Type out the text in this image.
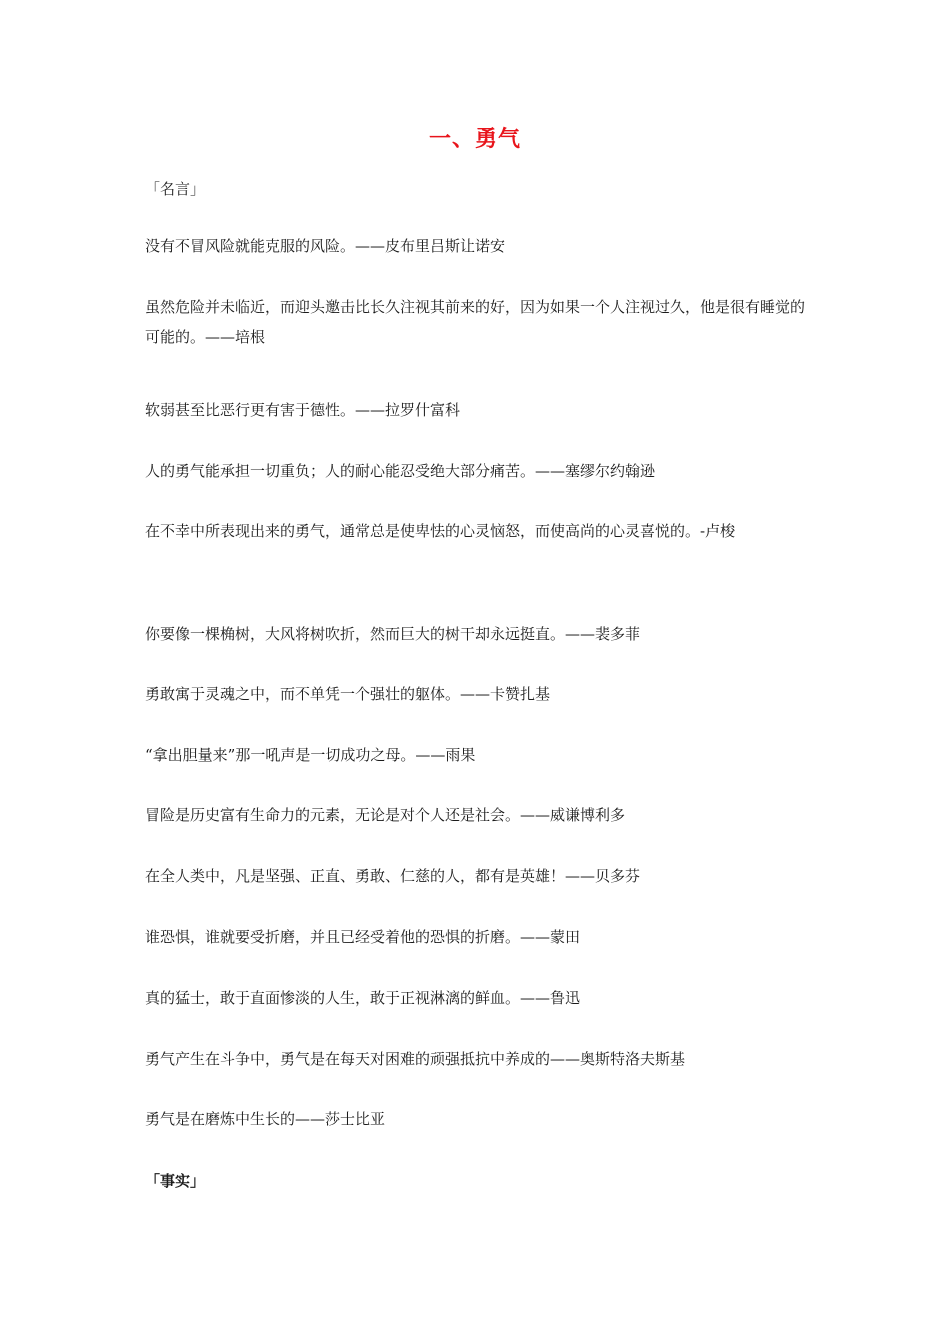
一、勇气

「名言」

没有不冒风险就能克服的风险。——皮布里吕斯让诺安

虽然危险并未临近，而迎头邀击比长久注视其前来的好，因为如果一个人注视过久，他是很有睡觉的可能的。——培根

软弱甚至比恶行更有害于德性。——拉罗什富科

人的勇气能承担一切重负；人的耐心能忍受绝大部分痛苦。——塞缪尔约翰逊

在不幸中所表现出来的勇气，通常总是使卑怯的心灵恼怒，而使高尚的心灵喜悦的。-卢梭

你要像一棵桷树，大风将树吹折，然而巨大的树干却永远挺直。——裴多菲

勇敢寓于灵魂之中，而不单凭一个强壮的躯体。——卡赞扎基

“拿出胆量来”那一吼声是一切成功之母。——雨果

冒险是历史富有生命力的元素，无论是对个人还是社会。——威谦博利多

在全人类中，凡是坚强、正直、勇敢、仁慈的人，都有是英雄！——贝多芬

谁恐惧，谁就要受折磨，并且已经受着他的恐惧的折磨。——蒙田

真的猛士，敢于直面惨淡的人生，敢于正视淋漓的鲜血。——鲁迅

勇气产生在斗争中，勇气是在每天对困难的顽强抵抗中养成的——奥斯特洛夫斯基

勇气是在磨炼中生长的——莎士比亚

「事实」
